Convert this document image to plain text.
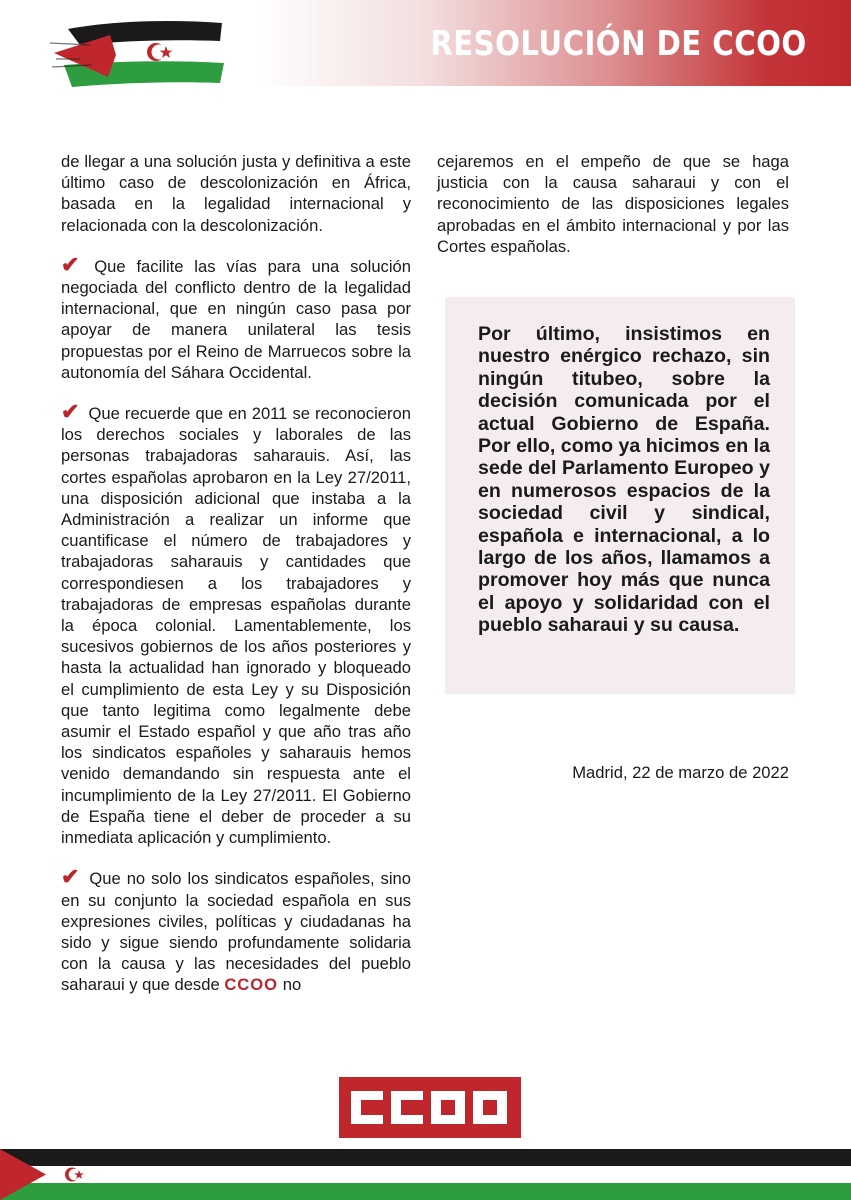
RESOLUCIÓN DE CCOO

de llegar a una solución justa y definitiva a este último caso de descolonización en África, basada en la legalidad internacional y relacionada con la descolonización.

✔ Que facilite las vías para una solución negociada del conflicto dentro de la legalidad internacional, que en ningún caso pasa por apoyar de manera unilateral las tesis propuestas por el Reino de Marruecos sobre la autonomía del Sáhara Occidental.

✔ Que recuerde que en 2011 se reconocieron los derechos sociales y laborales de las personas trabajadoras saharauis. Así, las cortes españolas aprobaron en la Ley 27/2011, una disposición adicional que instaba a la Administración a realizar un informe que cuantificase el número de trabajadores y trabajadoras saharauis y cantidades que correspondiesen a los trabajadores y trabajadoras de empresas españolas durante la época colonial. Lamentablemente, los sucesivos gobiernos de los años posteriores y hasta la actualidad han ignorado y bloqueado el cumplimiento de esta Ley y su Disposición que tanto legitima como legalmente debe asumir el Estado español y que año tras año los sindicatos españoles y saharauis hemos venido demandando sin respuesta ante el incumplimiento de la Ley 27/2011. El Gobierno de España tiene el deber de proceder a su inmediata aplicación y cumplimiento.

✔ Que no solo los sindicatos españoles, sino en su conjunto la sociedad española en sus expresiones civiles, políticas y ciudadanas ha sido y sigue siendo profundamente solidaria con la causa y las necesidades del pueblo saharaui y que desde CCOO no

cejaremos en el empeño de que se haga justicia con la causa saharaui y con el reconocimiento de las disposiciones legales aprobadas en el ámbito internacional y por las Cortes españolas.

Por último, insistimos en nuestro enérgico rechazo, sin ningún titubeo, sobre la decisión comunicada por el actual Gobierno de España. Por ello, como ya hicimos en la sede del Parlamento Europeo y en numerosos espacios de la sociedad civil y sindical, española e internacional, a lo largo de los años, llamamos a promover hoy más que nunca el apoyo y solidaridad con el pueblo saharaui y su causa.
Madrid, 22 de marzo de 2022
